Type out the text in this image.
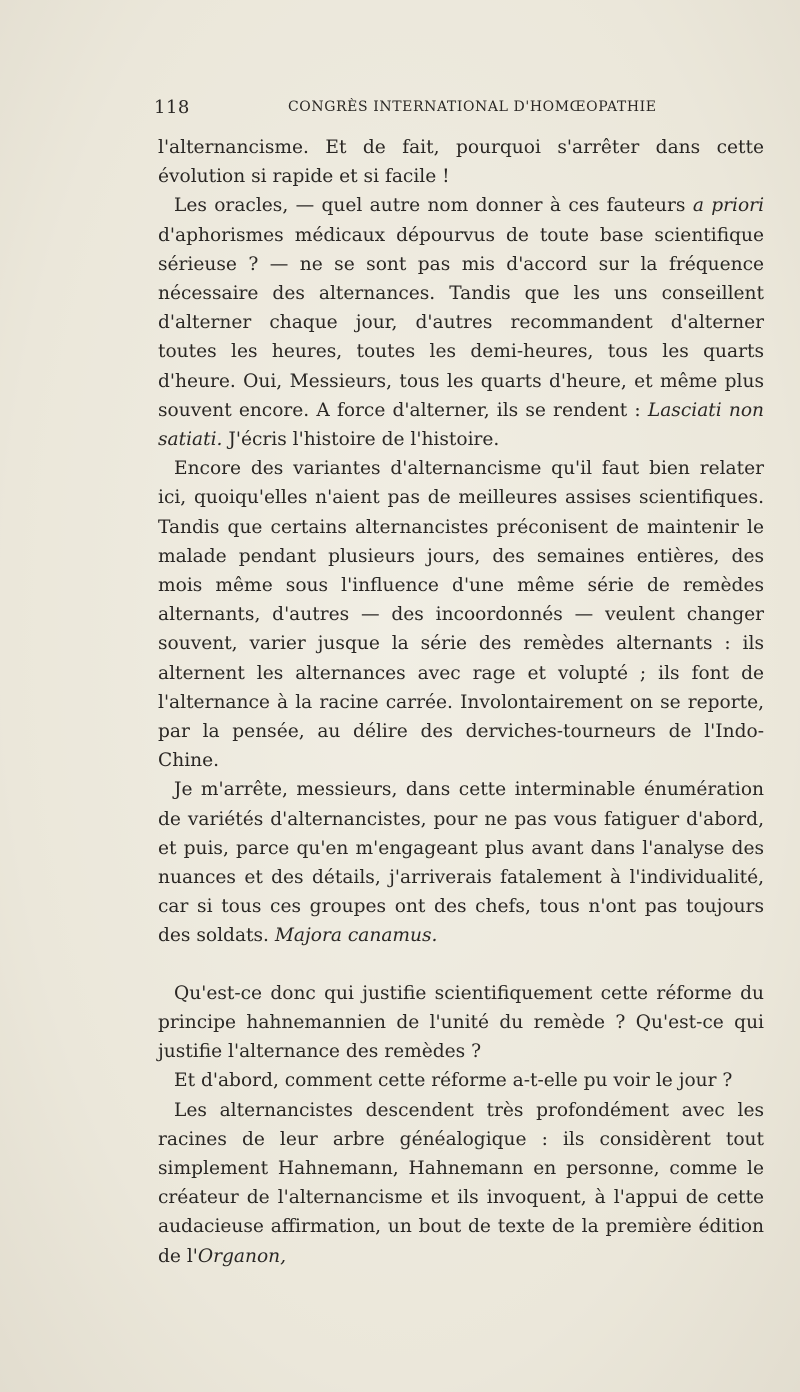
118	CONGRÈS INTERNATIONAL D'HOMŒOPATHIE

l'alternancisme. Et de fait, pourquoi s'arrêter dans cette évolution si rapide et si facile !

Les oracles, — quel autre nom donner à ces fauteurs a priori d'aphorismes médicaux dépourvus de toute base scientifique sérieuse ? — ne se sont pas mis d'accord sur la fréquence nécessaire des alternances. Tandis que les uns conseillent d'alterner chaque jour, d'autres recommandent d'alterner toutes les heures, toutes les demi-heures, tous les quarts d'heure. Oui, Messieurs, tous les quarts d'heure, et même plus souvent encore. A force d'alterner, ils se rendent : Lasciati non satiati. J'écris l'histoire de l'histoire.

Encore des variantes d'alternancisme qu'il faut bien relater ici, quoiqu'elles n'aient pas de meilleures assises scientifiques. Tandis que certains alternancistes préconisent de maintenir le malade pendant plusieurs jours, des semaines entières, des mois même sous l'influence d'une même série de remèdes alternants, d'autres — des incoordonnés — veulent changer souvent, varier jusque la série des remèdes alternants : ils alternent les alternances avec rage et volupté ; ils font de l'alternance à la racine carrée. Involontairement on se reporte, par la pensée, au délire des derviches-tourneurs de l'Indo-Chine.

Je m'arrête, messieurs, dans cette interminable énumération de variétés d'alternancistes, pour ne pas vous fatiguer d'abord, et puis, parce qu'en m'engageant plus avant dans l'analyse des nuances et des détails, j'arriverais fatalement à l'individualité, car si tous ces groupes ont des chefs, tous n'ont pas toujours des soldats. Majora canamus.

Qu'est-ce donc qui justifie scientifiquement cette réforme du principe hahnemannien de l'unité du remède ? Qu'est-ce qui justifie l'alternance des remèdes ?

Et d'abord, comment cette réforme a-t-elle pu voir le jour ?

Les alternancistes descendent très profondément avec les racines de leur arbre généalogique : ils considèrent tout simplement Hahnemann, Hahnemann en personne, comme le créateur de l'alternancisme et ils invoquent, à l'appui de cette audacieuse affirmation, un bout de texte de la première édition de l'Organon,
